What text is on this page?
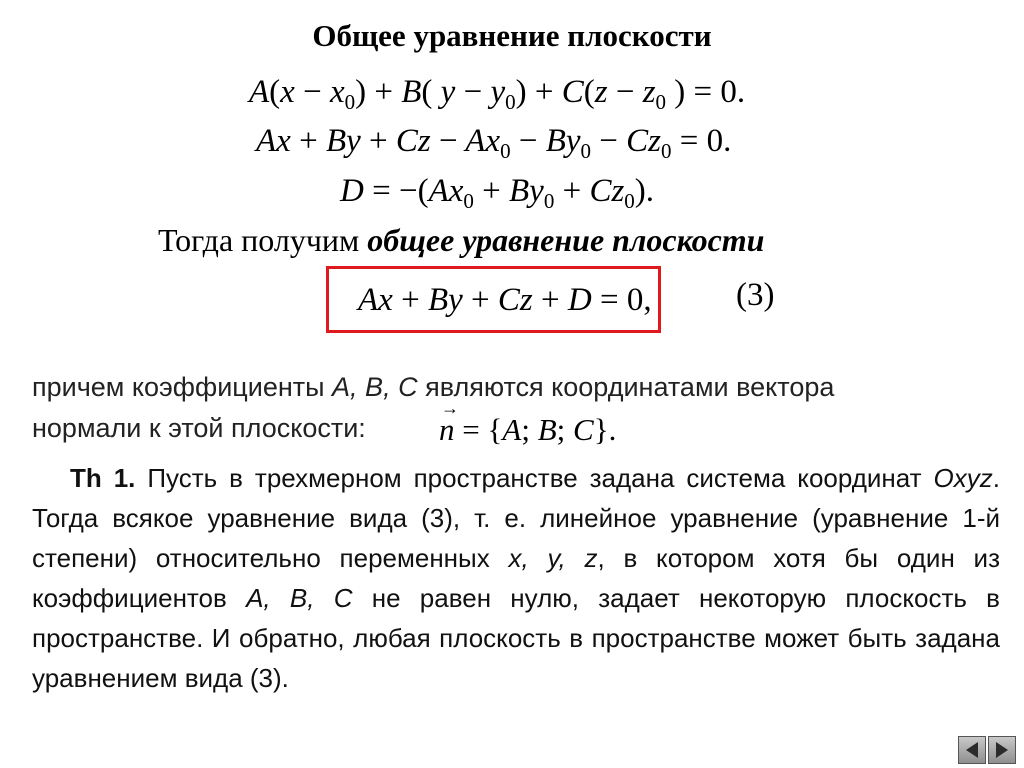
Общее уравнение плоскости
$A(x - x_0) + B$( $y - y_0) + C(z - z_0$ ) = 0.
$Ax + By + Cz - Ax_0 - By_0 - Cz_0 = 0$.
$D = -(Ax_0 + By_0 + Cz_0)$.
Тогда получим общее уравнение плоскости
Ax + By + Cz + D = 0,	(3)
причем коэффициенты A, B, C являются координатами вектора
нормали к этой плоскости: n
→
= {A; B; C}.
Th 1. Пусть в трехмерном пространстве задана система координат Oxyz. Тогда всякое уравнение вида (3), т. е. линейное уравнение (уравнение 1-й степени) относительно переменных x, y, z, в котором хотя бы один из коэффициентов A, B, C не равен нулю, задает некоторую плоскость в пространстве. И обратно, любая плоскость в пространстве может быть задана уравнением вида (3).
